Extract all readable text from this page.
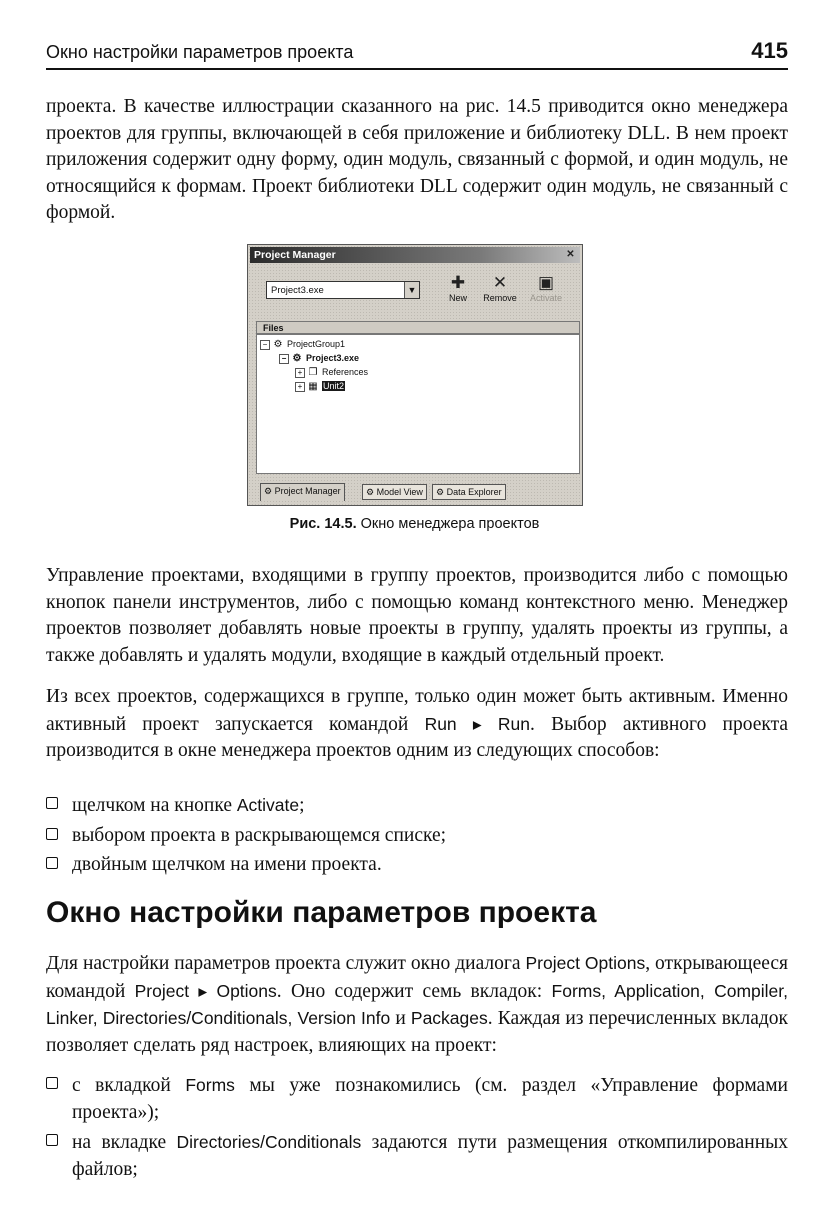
Окно настройки параметров проекта	415

проекта. В качестве иллюстрации сказанного на рис. 14.5 приводится окно менеджера проектов для группы, включающей в себя приложение и библиотеку DLL. В нем проект приложения содержит одну форму, один модуль, связанный с формой, и один модуль, не относящийся к формам. Проект библиотеки DLL содержит один модуль, не связанный с формой.

Project Manager	✕
Project3.exe	▼	✚
New
✕
Remove
▣
Activate
Files
− ⚙ ProjectGroup1
− ⚙ Project3.exe
+ ❐ References
+ ▦ Unit2
⚙ Project Manager	⚙ Model View	⚙ Data Explorer
Рис. 14.5. Окно менеджера проектов

Управление проектами, входящими в группу проектов, производится либо с помощью кнопок панели инструментов, либо с помощью команд контекстного меню. Менеджер проектов позволяет добавлять новые проекты в группу, удалять проекты из группы, а также добавлять и удалять модули, входящие в каждый отдельный проект.

Из всех проектов, содержащихся в группе, только один может быть активным. Именно активный проект запускается командой Run ▸ Run. Выбор активного проекта производится в окне менеджера проектов одним из следующих способов:

щелчком на кнопке Activate;
выбором проекта в раскрывающемся списке;
двойным щелчком на имени проекта.
Окно настройки параметров проекта

Для настройки параметров проекта служит окно диалога Project Options, открывающееся командой Project ▸ Options. Оно содержит семь вкладок: Forms, Application, Compiler, Linker, Directories/Conditionals, Version Info и Packages. Каждая из перечисленных вкладок позволяет сделать ряд настроек, влияющих на проект:

с вкладкой Forms мы уже познакомились (см. раздел «Управление формами проекта»);
на вкладке Directories/Conditionals задаются пути размещения откомпилированных файлов;
